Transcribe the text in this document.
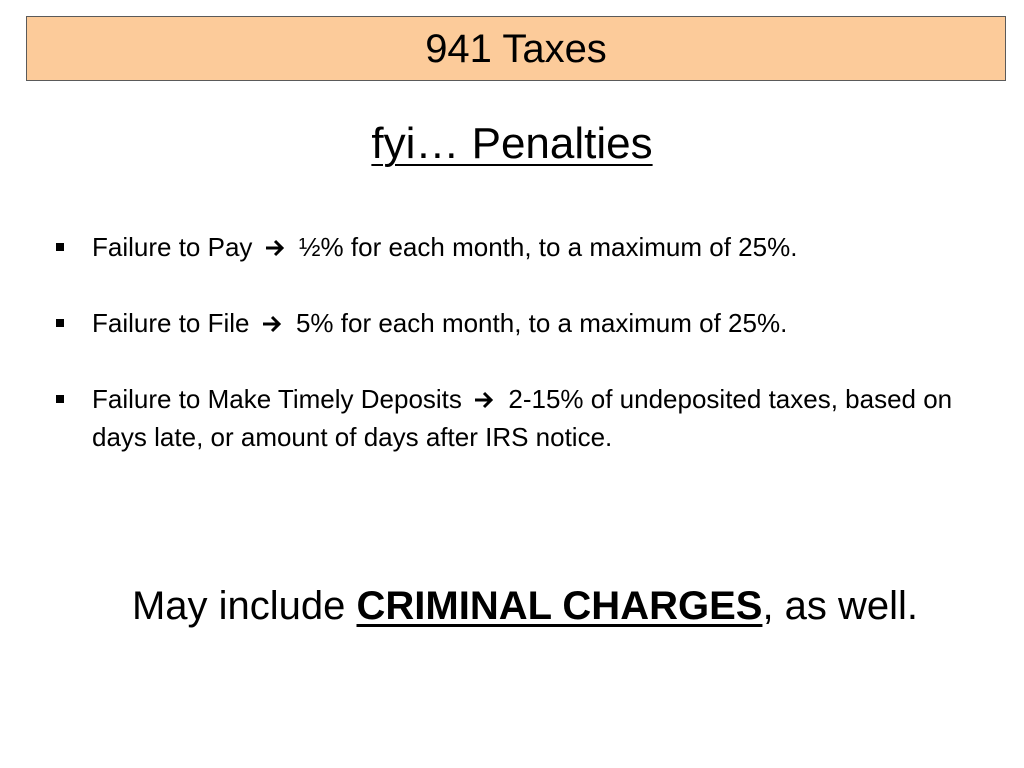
941 Taxes
fyi… Penalties
Failure to Pay ½% for each month, to a maximum of 25%.
Failure to File 5% for each month, to a maximum of 25%.
Failure to Make Timely Deposits 2-15% of undeposited taxes, based on days late, or amount of days after IRS notice.
May include CRIMINAL CHARGES, as well.
